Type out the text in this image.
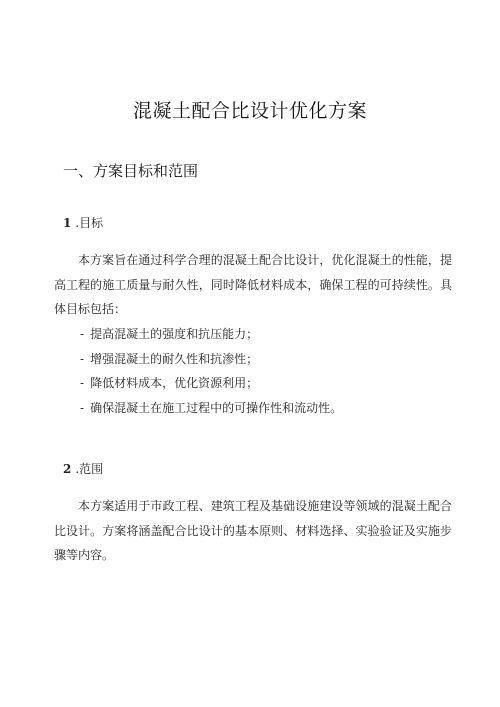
混凝土配合比设计优化方案
一、方案目标和范围
1 .目标

本方案旨在通过科学合理的混凝土配合比设计，优化混凝土的性能，提高工程的施工质量与耐久性，同时降低材料成本，确保工程的可持续性。具体目标包括：

- 提高混凝土的强度和抗压能力；
- 增强混凝土的耐久性和抗渗性；
- 降低材料成本，优化资源利用；
- 确保混凝土在施工过程中的可操作性和流动性。
2 .范围

本方案适用于市政工程、建筑工程及基础设施建设等领域的混凝土配合比设计。方案将涵盖配合比设计的基本原则、材料选择、实验验证及实施步骤等内容。
